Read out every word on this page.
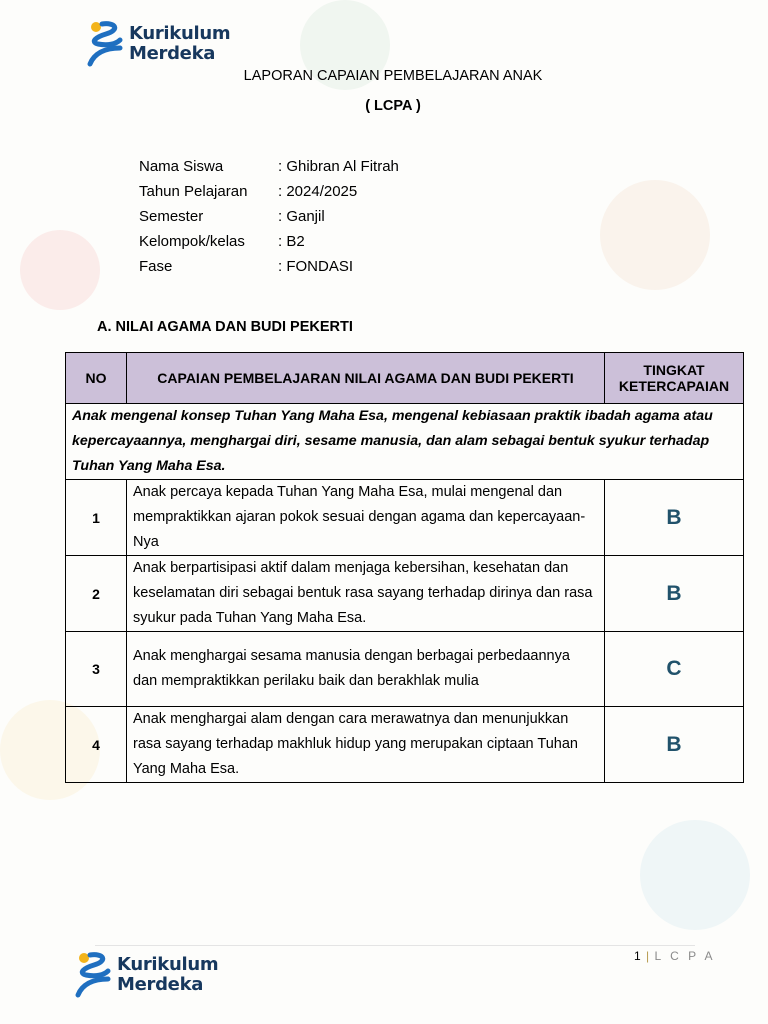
Kurikulum
Merdeka
LAPORAN CAPAIAN PEMBELAJARAN ANAK
( LCPA )
Nama Siswa	: Ghibran Al Fitrah
Tahun Pelajaran	: 2024/2025
Semester	: Ganjil
Kelompok/kelas	: B2
Fase	: FONDASI
A. NILAI AGAMA DAN BUDI PEKERTI
NO	CAPAIAN PEMBELAJARAN NILAI AGAMA DAN BUDI PEKERTI	TINGKAT
KETERCAPAIAN

Anak mengenal konsep Tuhan Yang Maha Esa, mengenal kebiasaan praktik ibadah agama atau kepercayaannya, menghargai diri, sesame manusia, dan alam sebagai bentuk syukur terhadap Tuhan Yang Maha Esa.		
1	Anak percaya kepada Tuhan Yang Maha Esa, mulai mengenal dan mempraktikkan ajaran pokok sesuai dengan agama dan kepercayaan-Nya	B
2	Anak berpartisipasi aktif dalam menjaga kebersihan, kesehatan dan keselamatan diri sebagai bentuk rasa sayang terhadap dirinya dan rasa syukur pada Tuhan Yang Maha Esa.	B
3	Anak menghargai sesama manusia dengan berbagai perbedaannya dan mempraktikkan perilaku baik dan berakhlak mulia	C
4	Anak menghargai alam dengan cara merawatnya dan menunjukkan rasa sayang terhadap makhluk hidup yang merupakan ciptaan Tuhan Yang Maha Esa.	B
1 | L C P A
Kurikulum
Merdeka
